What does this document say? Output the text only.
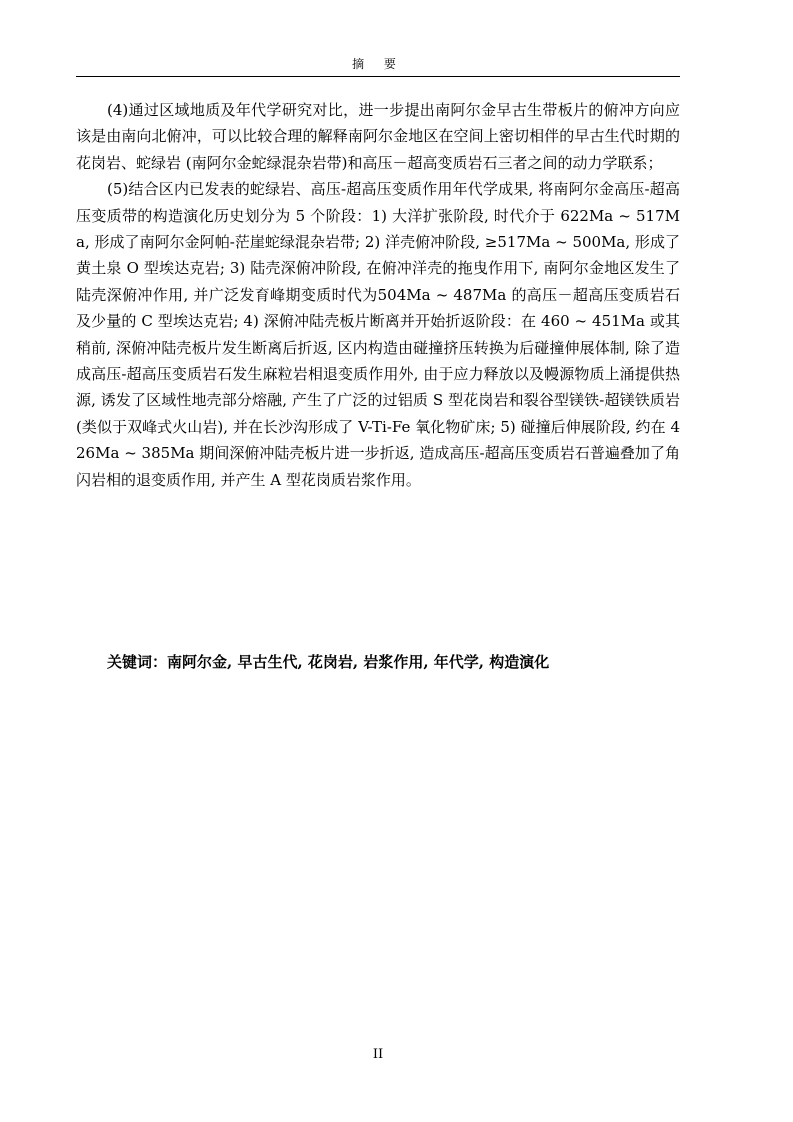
摘 要

(4)通过区域地质及年代学研究对比，进一步提出南阿尔金早古生带板片的俯冲方向应该是由南向北俯冲，可以比较合理的解释南阿尔金地区在空间上密切相伴的早古生代时期的花岗岩、蛇绿岩 (南阿尔金蛇绿混杂岩带)和高压－超高变质岩石三者之间的动力学联系；

(5)结合区内已发表的蛇绿岩、高压-超高压变质作用年代学成果, 将南阿尔金高压-超高压变质带的构造演化历史划分为 5 个阶段：1) 大洋扩张阶段, 时代介于 622Ma ~ 517Ma, 形成了南阿尔金阿帕-茫崖蛇绿混杂岩带; 2) 洋壳俯冲阶段, ≥517Ma ~ 500Ma, 形成了黄土泉 O 型埃达克岩; 3) 陆壳深俯冲阶段, 在俯冲洋壳的拖曳作用下, 南阿尔金地区发生了陆壳深俯冲作用, 并广泛发育峰期变质时代为504Ma ~ 487Ma 的高压－超高压变质岩石及少量的 C 型埃达克岩; 4) 深俯冲陆壳板片断离并开始折返阶段：在 460 ~ 451Ma 或其稍前, 深俯冲陆壳板片发生断离后折返, 区内构造由碰撞挤压转换为后碰撞伸展体制, 除了造成高压-超高压变质岩石发生麻粒岩相退变质作用外, 由于应力释放以及幔源物质上涌提供热源, 诱发了区域性地壳部分熔融, 产生了广泛的过铝质 S 型花岗岩和裂谷型镁铁-超镁铁质岩(类似于双峰式火山岩), 并在长沙沟形成了 V-Ti-Fe 氧化物矿床; 5) 碰撞后伸展阶段, 约在 426Ma ~ 385Ma 期间深俯冲陆壳板片进一步折返, 造成高压-超高压变质岩石普遍叠加了角闪岩相的退变质作用, 并产生 A 型花岗质岩浆作用。

关键词：南阿尔金, 早古生代, 花岗岩, 岩浆作用, 年代学, 构造演化
II
